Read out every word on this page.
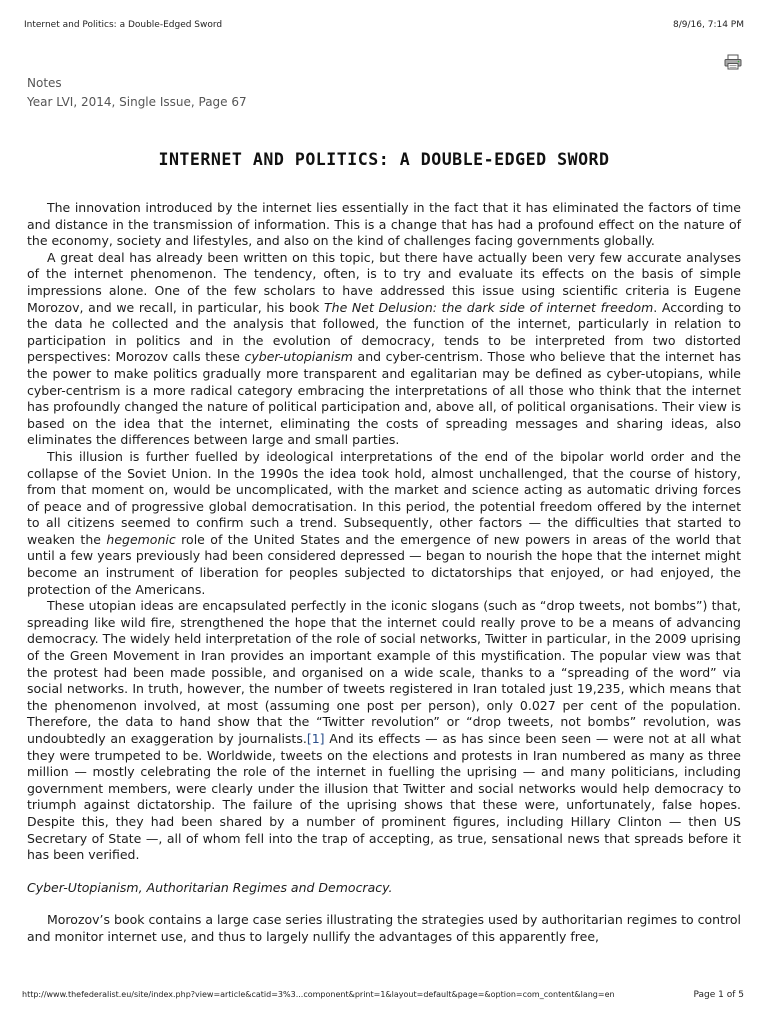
Internet and Politics: a Double-Edged Sword	8/9/16, 7:14 PM
Notes
Year LVI, 2014, Single Issue, Page 67
INTERNET AND POLITICS: A DOUBLE-EDGED SWORD

The innovation introduced by the internet lies essentially in the fact that it has eliminated the factors of time and distance in the transmission of information. This is a change that has had a profound effect on the nature of the economy, society and lifestyles, and also on the kind of challenges facing governments globally.

A great deal has already been written on this topic, but there have actually been very few accurate analyses of the internet phenomenon. The tendency, often, is to try and evaluate its effects on the basis of simple impressions alone. One of the few scholars to have addressed this issue using scientific criteria is Eugene Morozov, and we recall, in particular, his book The Net Delusion: the dark side of internet freedom. According to the data he collected and the analysis that followed, the function of the internet, particularly in relation to participation in politics and in the evolution of democracy, tends to be interpreted from two distorted perspectives: Morozov calls these cyber-utopianism and cyber-centrism. Those who believe that the internet has the power to make politics gradually more transparent and egalitarian may be defined as cyber-utopians, while cyber-centrism is a more radical category embracing the interpretations of all those who think that the internet has profoundly changed the nature of political participation and, above all, of political organisations. Their view is based on the idea that the internet, eliminating the costs of spreading messages and sharing ideas, also eliminates the differences between large and small parties.

This illusion is further fuelled by ideological interpretations of the end of the bipolar world order and the collapse of the Soviet Union. In the 1990s the idea took hold, almost unchallenged, that the course of history, from that moment on, would be uncomplicated, with the market and science acting as automatic driving forces of peace and of progressive global democratisation. In this period, the potential freedom offered by the internet to all citizens seemed to confirm such a trend. Subsequently, other factors — the difficulties that started to weaken the hegemonic role of the United States and the emergence of new powers in areas of the world that until a few years previously had been considered depressed — began to nourish the hope that the internet might become an instrument of liberation for peoples subjected to dictatorships that enjoyed, or had enjoyed, the protection of the Americans.

These utopian ideas are encapsulated perfectly in the iconic slogans (such as “drop tweets, not bombs”) that, spreading like wild fire, strengthened the hope that the internet could really prove to be a means of advancing democracy. The widely held interpretation of the role of social networks, Twitter in particular, in the 2009 uprising of the Green Movement in Iran provides an important example of this mystification. The popular view was that the protest had been made possible, and organised on a wide scale, thanks to a “spreading of the word” via social networks. In truth, however, the number of tweets registered in Iran totaled just 19,235, which means that the phenomenon involved, at most (assuming one post per person), only 0.027 per cent of the population. Therefore, the data to hand show that the “Twitter revolution” or “drop tweets, not bombs” revolution, was undoubtedly an exaggeration by journalists.[1] And its effects — as has since been seen — were not at all what they were trumpeted to be. Worldwide, tweets on the elections and protests in Iran numbered as many as three million — mostly celebrating the role of the internet in fuelling the uprising — and many politicians, including government members, were clearly under the illusion that Twitter and social networks would help democracy to triumph against dictatorship. The failure of the uprising shows that these were, unfortunately, false hopes. Despite this, they had been shared by a number of prominent figures, including Hillary Clinton — then US Secretary of State —, all of whom fell into the trap of accepting, as true, sensational news that spreads before it has been verified.

Cyber-Utopianism, Authoritarian Regimes and Democracy.

Morozov’s book contains a large case series illustrating the strategies used by authoritarian regimes to control and monitor internet use, and thus to largely nullify the advantages of this apparently free,

http://www.thefederalist.eu/site/index.php?view=article&catid=3%3...component&print=1&layout=default&page=&option=com_content&lang=en	Page 1 of 5
